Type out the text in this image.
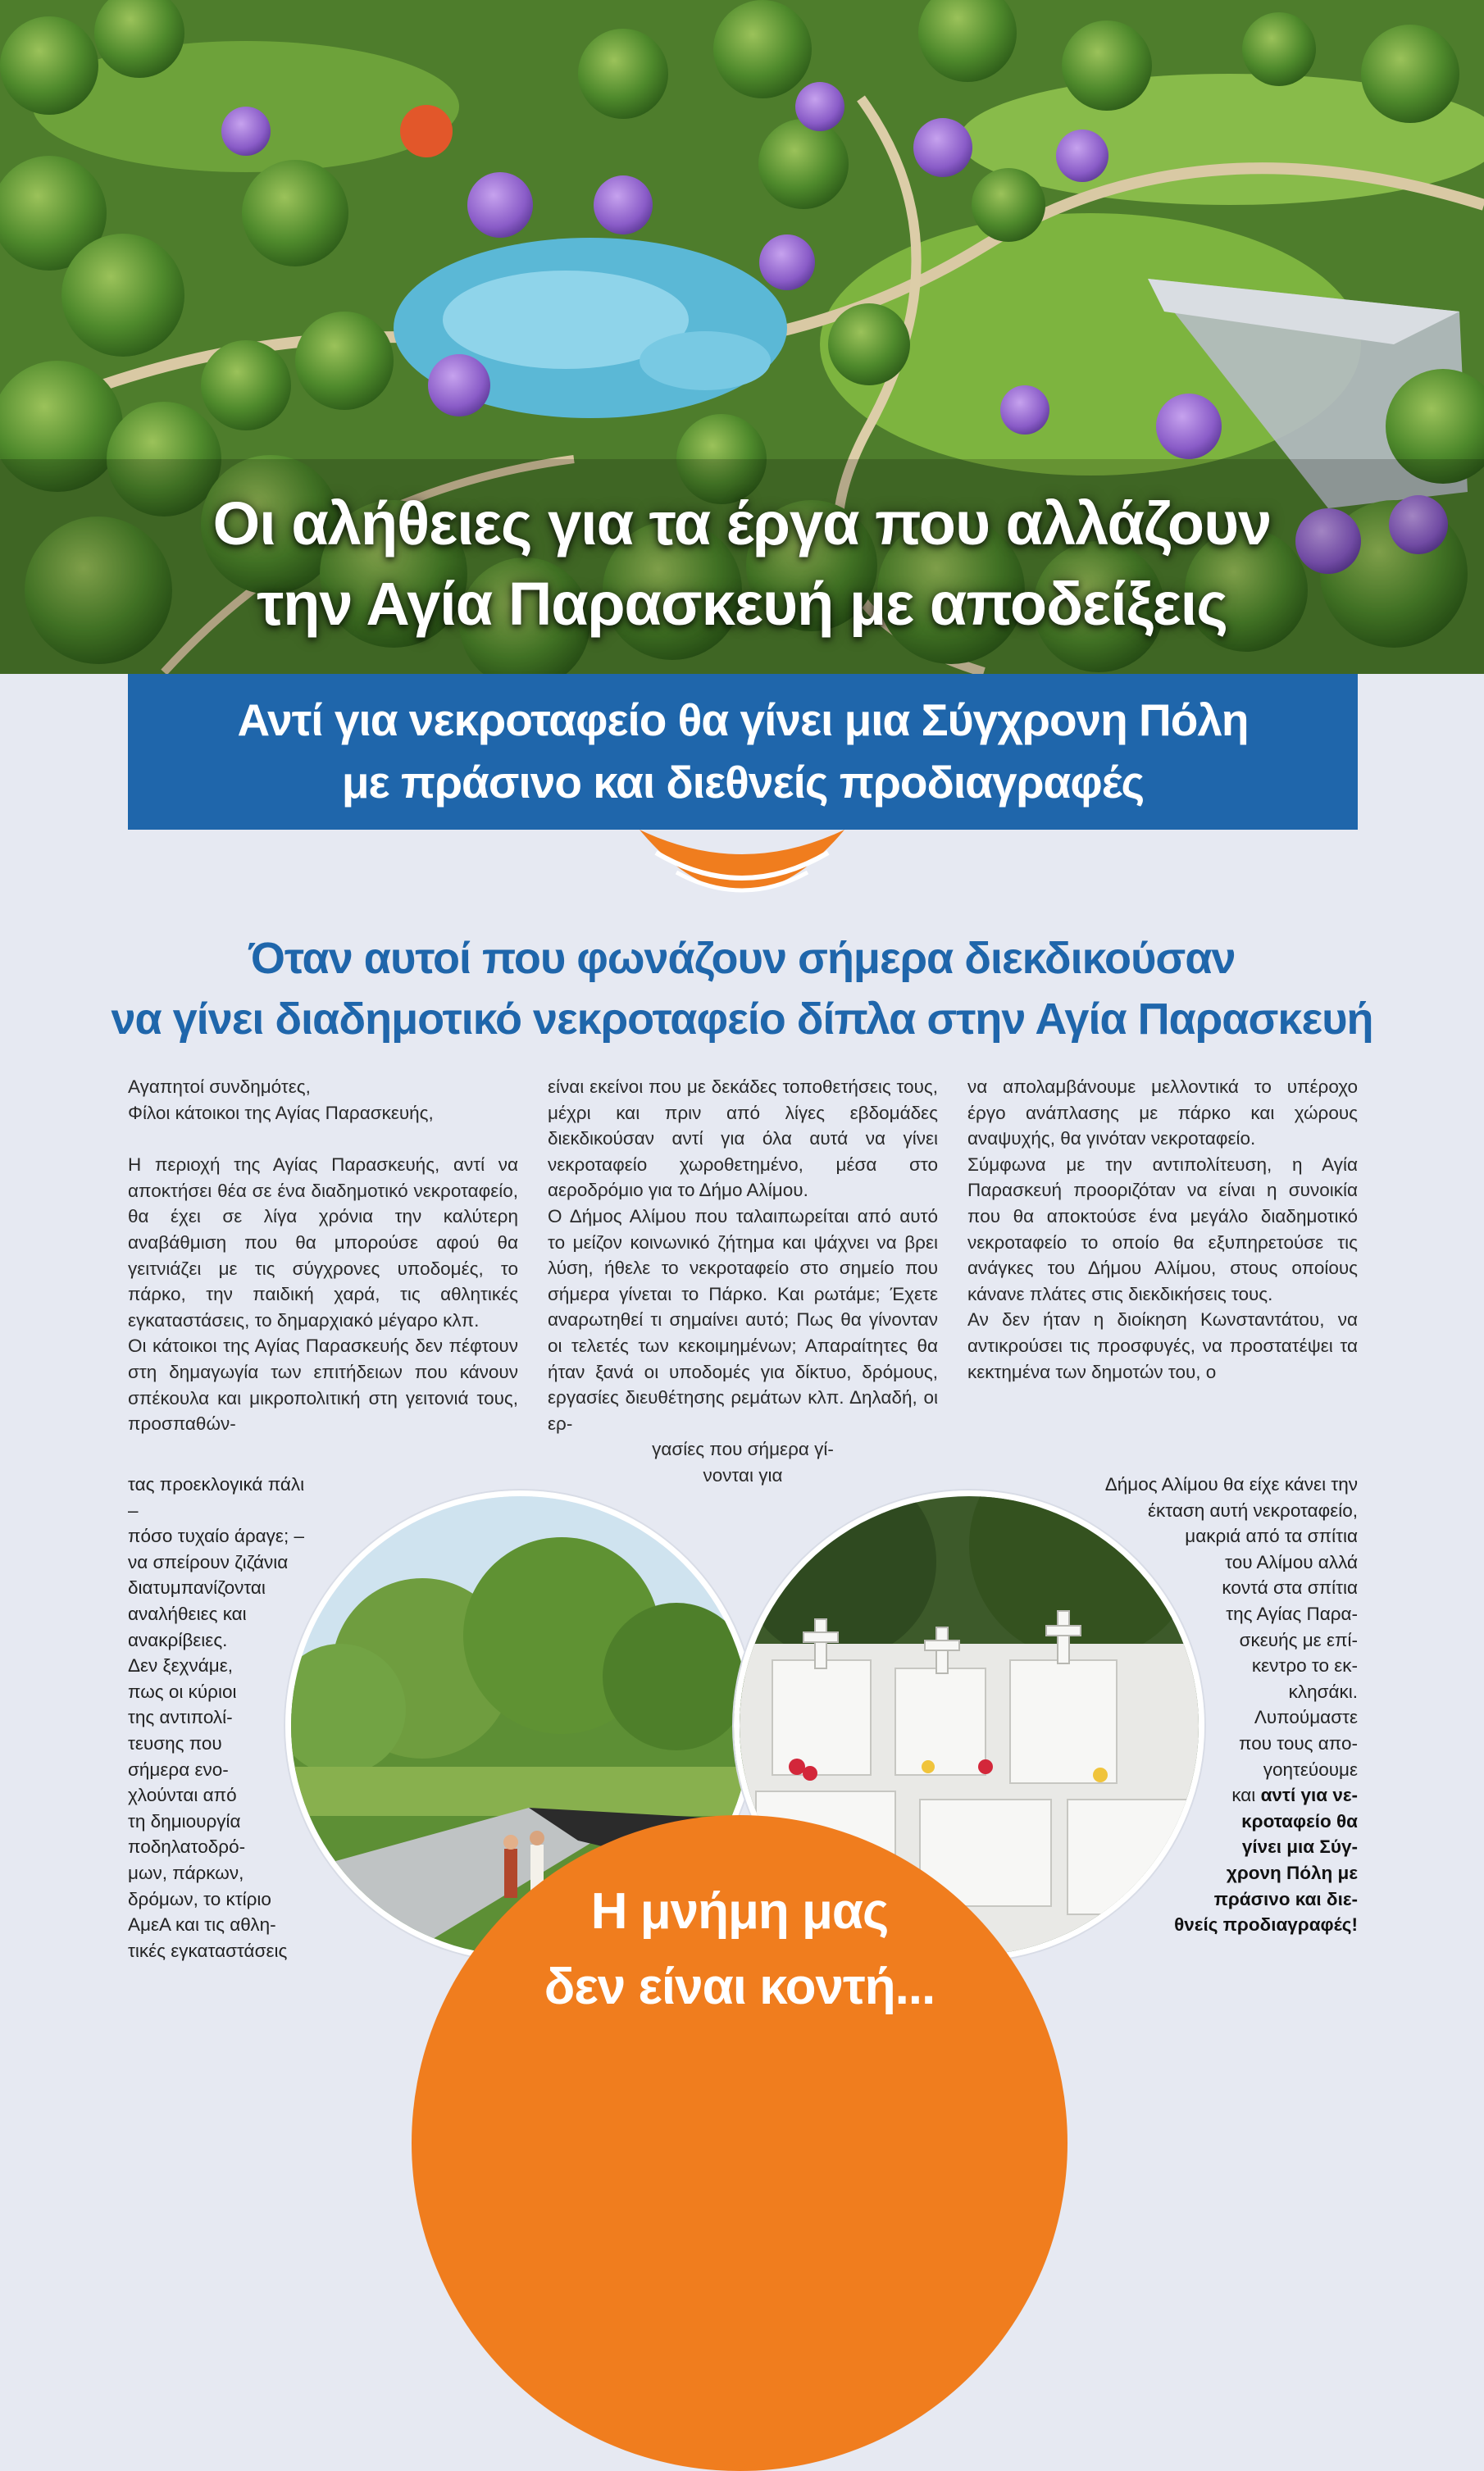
Οι αλήθειες για τα έργα που αλλάζουν
την Αγία Παρασκευή με αποδείξεις
Αντί για νεκροταφείο θα γίνει μια Σύγχρονη Πόλη
με πράσινο και διεθνείς προδιαγραφές
Όταν αυτοί που φωνάζουν σήμερα διεκδικούσαν
να γίνει διαδημοτικό νεκροταφείο δίπλα στην Αγία Παρασκευή

Αγαπητοί συνδημότες,

Φίλοι κάτοικοι της Αγίας Παρασκευής,

Η περιοχή της Αγίας Παρασκευής, αντί να αποκτήσει θέα σε ένα διαδημοτικό νεκροταφείο, θα έχει σε λίγα χρόνια την καλύτερη αναβάθμιση που θα μπορούσε αφού θα γειτνιάζει με τις σύγχρονες υποδομές, το πάρκο, την παιδική χαρά, τις αθλητικές εγκαταστάσεις, το δημαρχιακό μέγαρο κλπ.

Οι κάτοικοι της Αγίας Παρασκευής δεν πέφτουν στη δημαγωγία των επιτήδειων που κάνουν σπέκουλα και μικροπολιτική στη γειτονιά τους, προσπαθών-

τας προεκλογικά πάλι –
πόσο τυχαίο άραγε; –
να σπείρουν ζιζάνια
διατυμπανίζονται
αναλήθειες και
ανακρίβειες.
Δεν ξεχνάμε,
πως οι κύριοι
της αντιπολί-
τευσης που
σήμερα ενο-
χλούνται από
τη δημιουργία
ποδηλατοδρό-
μων, πάρκων,
δρόμων, το κτίριο
ΑμεΑ και τις αθλη-
τικές εγκαταστάσεις

είναι εκείνοι που με δεκάδες τοποθετήσεις τους, μέχρι και πριν από λίγες εβδομάδες διεκδικούσαν αντί για όλα αυτά να γίνει νεκροταφείο χωροθετημένο, μέσα στο αεροδρόμιο για το Δήμο Αλίμου.

Ο Δήμος Αλίμου που ταλαιπωρείται από αυτό το μείζον κοινωνικό ζήτημα και ψάχνει να βρει λύση, ήθελε το νεκροταφείο στο σημείο που σήμερα γίνεται το Πάρκο. Και ρωτάμε; Έχετε αναρωτηθεί τι σημαίνει αυτό; Πως θα γίνονταν οι τελετές των κεκοιμημένων; Απαραίτητες θα ήταν ξανά οι υποδομές για δίκτυο, δρόμους, εργασίες διευθέτησης ρεμάτων κλπ. Δηλαδή, οι ερ-

γασίες που σήμερα γί-

νονται για

να απολαμβάνουμε μελλοντικά το υπέροχο έργο ανάπλασης με πάρκο και χώρους αναψυχής, θα γινόταν νεκροταφείο.

Σύμφωνα με την αντιπολίτευση, η Αγία Παρασκευή προοριζόταν να είναι η συνοικία που θα αποκτούσε ένα μεγάλο διαδημοτικό νεκροταφείο το οποίο θα εξυπηρετούσε τις ανάγκες του Δήμου Αλίμου, στους οποίους κάνανε πλάτες στις διεκδικήσεις τους.

Αν δεν ήταν η διοίκηση Κωνσταντάτου, να αντικρούσει τις προσφυγές, να προστατέψει τα κεκτημένα των δημοτών του, ο

Δήμος Αλίμου θα είχε κάνει την
έκταση αυτή νεκροταφείο,
μακριά από τα σπίτια
του Αλίμου αλλά
κοντά στα σπίτια
της Αγίας Παρα-
σκευής με επί-
κεντρο το εκ-
κλησάκι.
Λυπούμαστε
που τους απο-
γοητεύουμε
και αντί για νε-
κροταφείο θα
γίνει μια Σύγ-
χρονη Πόλη με
πράσινο και διε-
θνείς προδιαγραφές!
Η μνήμη μας
δεν είναι κοντή...
